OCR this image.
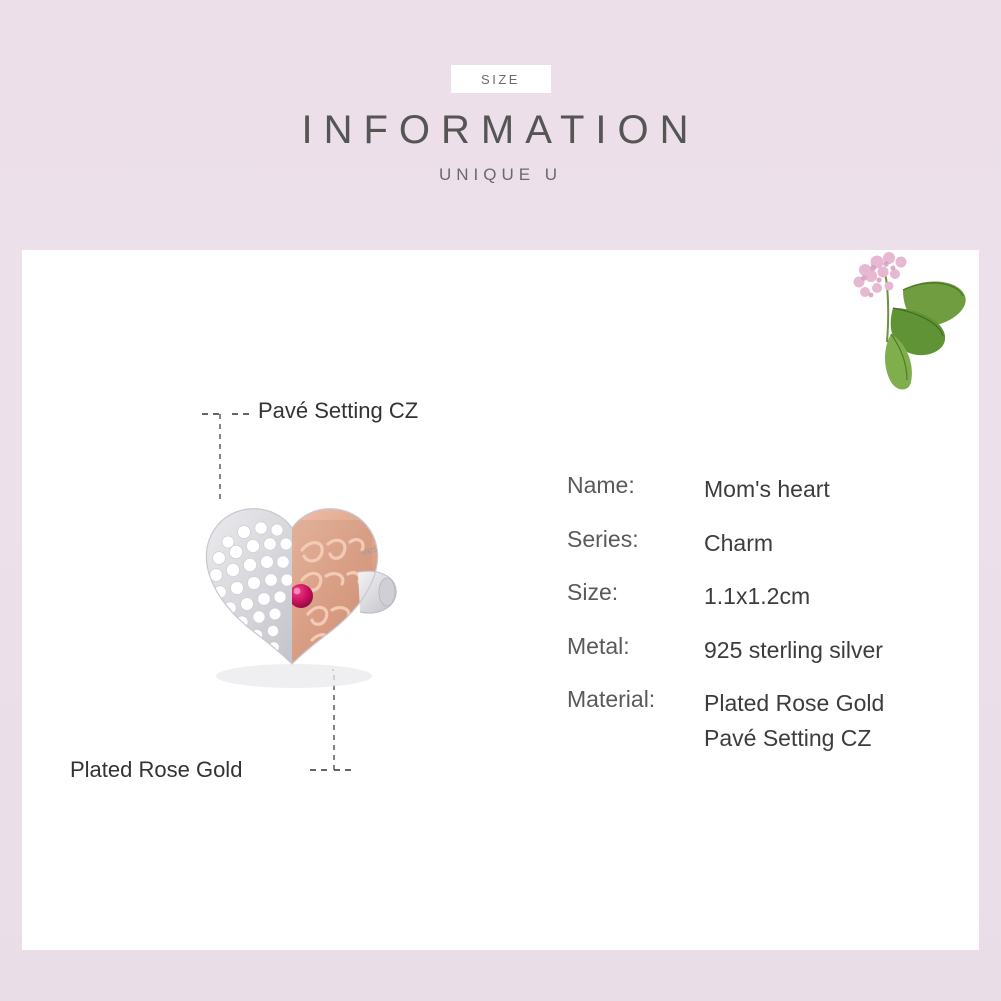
SIZE
INFORMATION
UNIQUE U
Pavé Setting CZ
Plated Rose Gold
S925
Name:	Mom's heart
Series:	Charm
Size:	1.1x1.2cm
Metal:	925 sterling silver
Material:	Plated Rose Gold
Pavé Setting CZ
